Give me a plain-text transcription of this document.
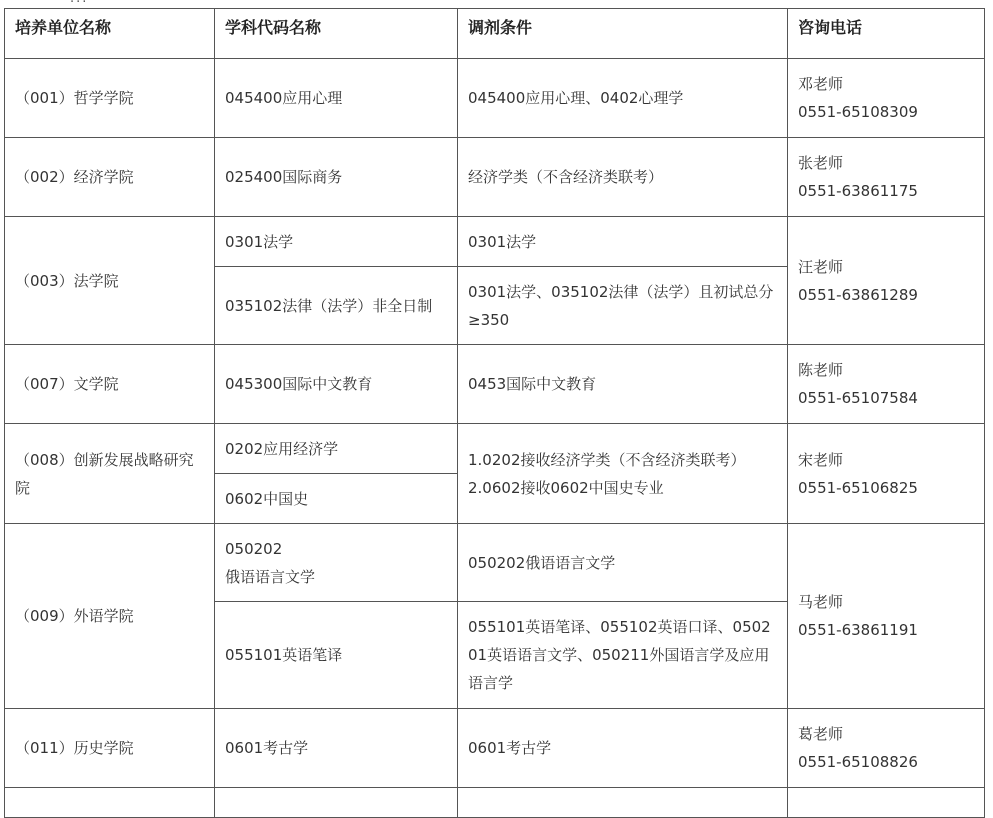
培养单位名称	学科代码名称	调剂条件	咨询电话
（001）哲学学院	045400应用心理	045400应用心理、0402心理学	邓老师
0551-65108309

（002）经济学院	025400国际商务	经济学类（不含经济类联考）	张老师
0551-63861175

（003）法学院	0301法学	0301法学	汪老师
0551-63861289

	035102法律（法学）非全日制	0301法学、035102法律（法学）且初试总分≥350	
（007）文学院	045300国际中文教育	0453国际中文教育	陈老师
0551-65107584

（008）创新发展战略研究院	0202应用经济学	1.0202接收经济学类（不含经济类联考）
2.0602接收0602中国史专业	宋老师
0551-65106825

	0602中国史		
（009）外语学院	050202
俄语语言文学	050202俄语语言文学	马老师
0551-63861191

	055101英语笔译	055101英语笔译、055102英语口译、050201英语语言文学、050211外国语言学及应用语言学	
（011）历史学院	0601考古学	0601考古学	葛老师
0551-65108826
